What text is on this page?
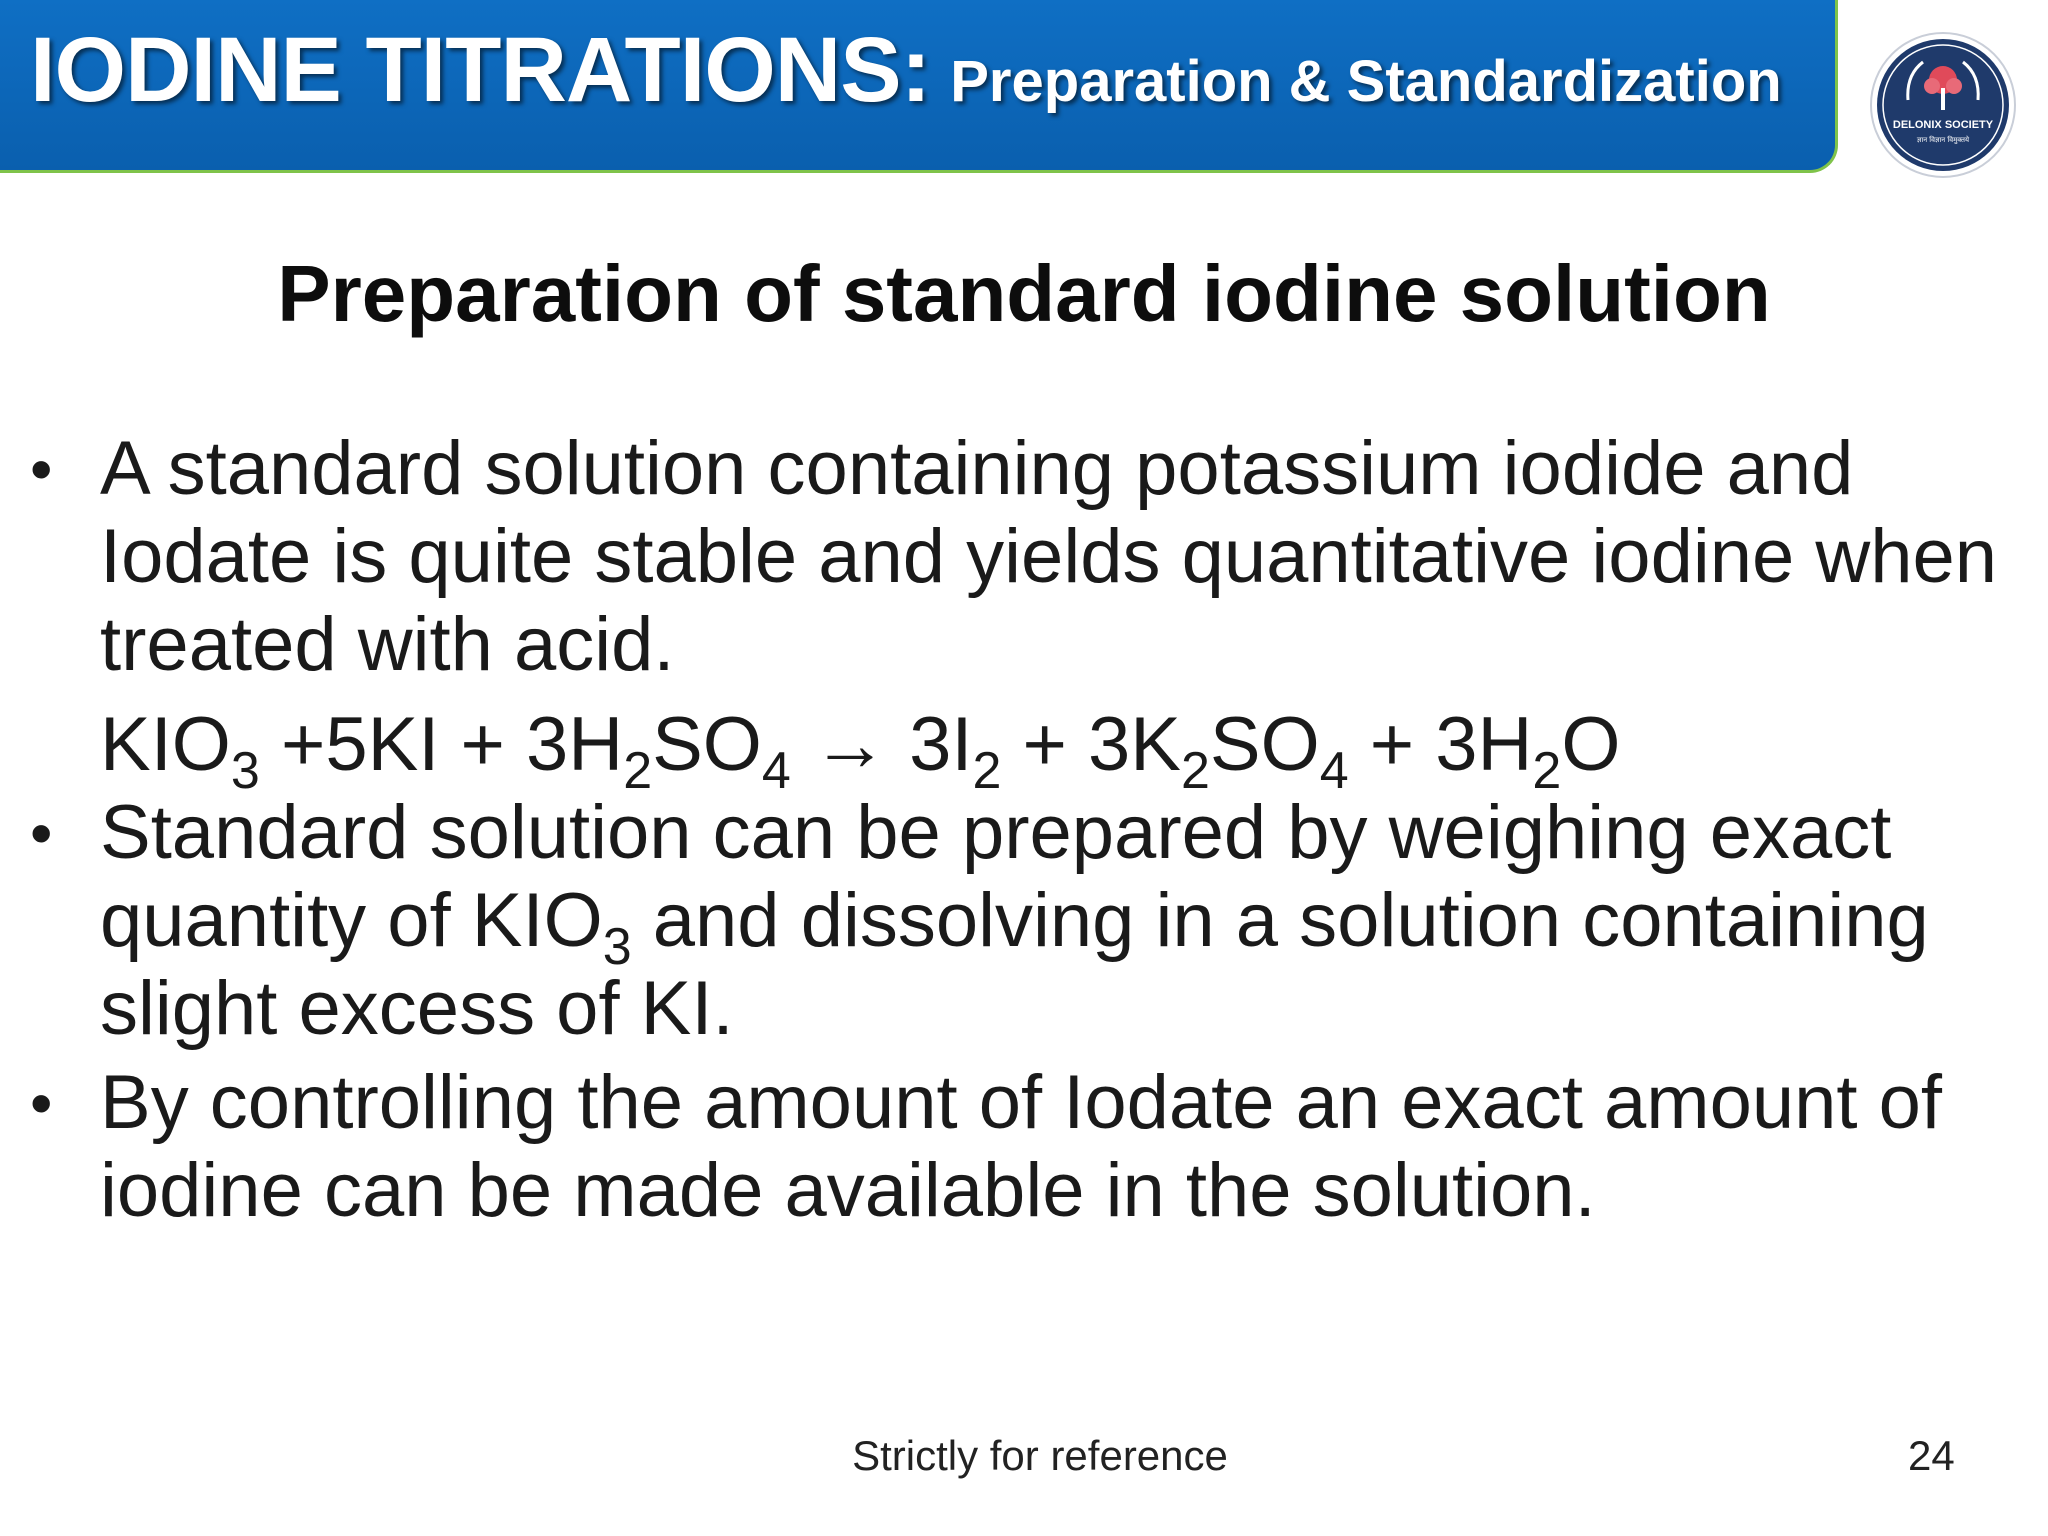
IODINE TITRATIONS: Preparation & Standardization
DELONIX SOCIETY
ज्ञान विज्ञान विमुक्तये
Preparation of standard iodine solution
• A standard solution containing potassium iodide and Iodate is quite stable and yields quantitative iodine when treated with acid.
$KIO_3 +5KI + 3H_2SO_4 \to 3I_2 + 3K_2SO_4 + 3H_2O$
• Standard solution can be prepared by weighing exact quantity of $KIO_3$ and dissolving in a solution containing slight excess of KI.
• By controlling the amount of Iodate an exact amount of iodine can be made available in the solution.
Strictly for reference	24
